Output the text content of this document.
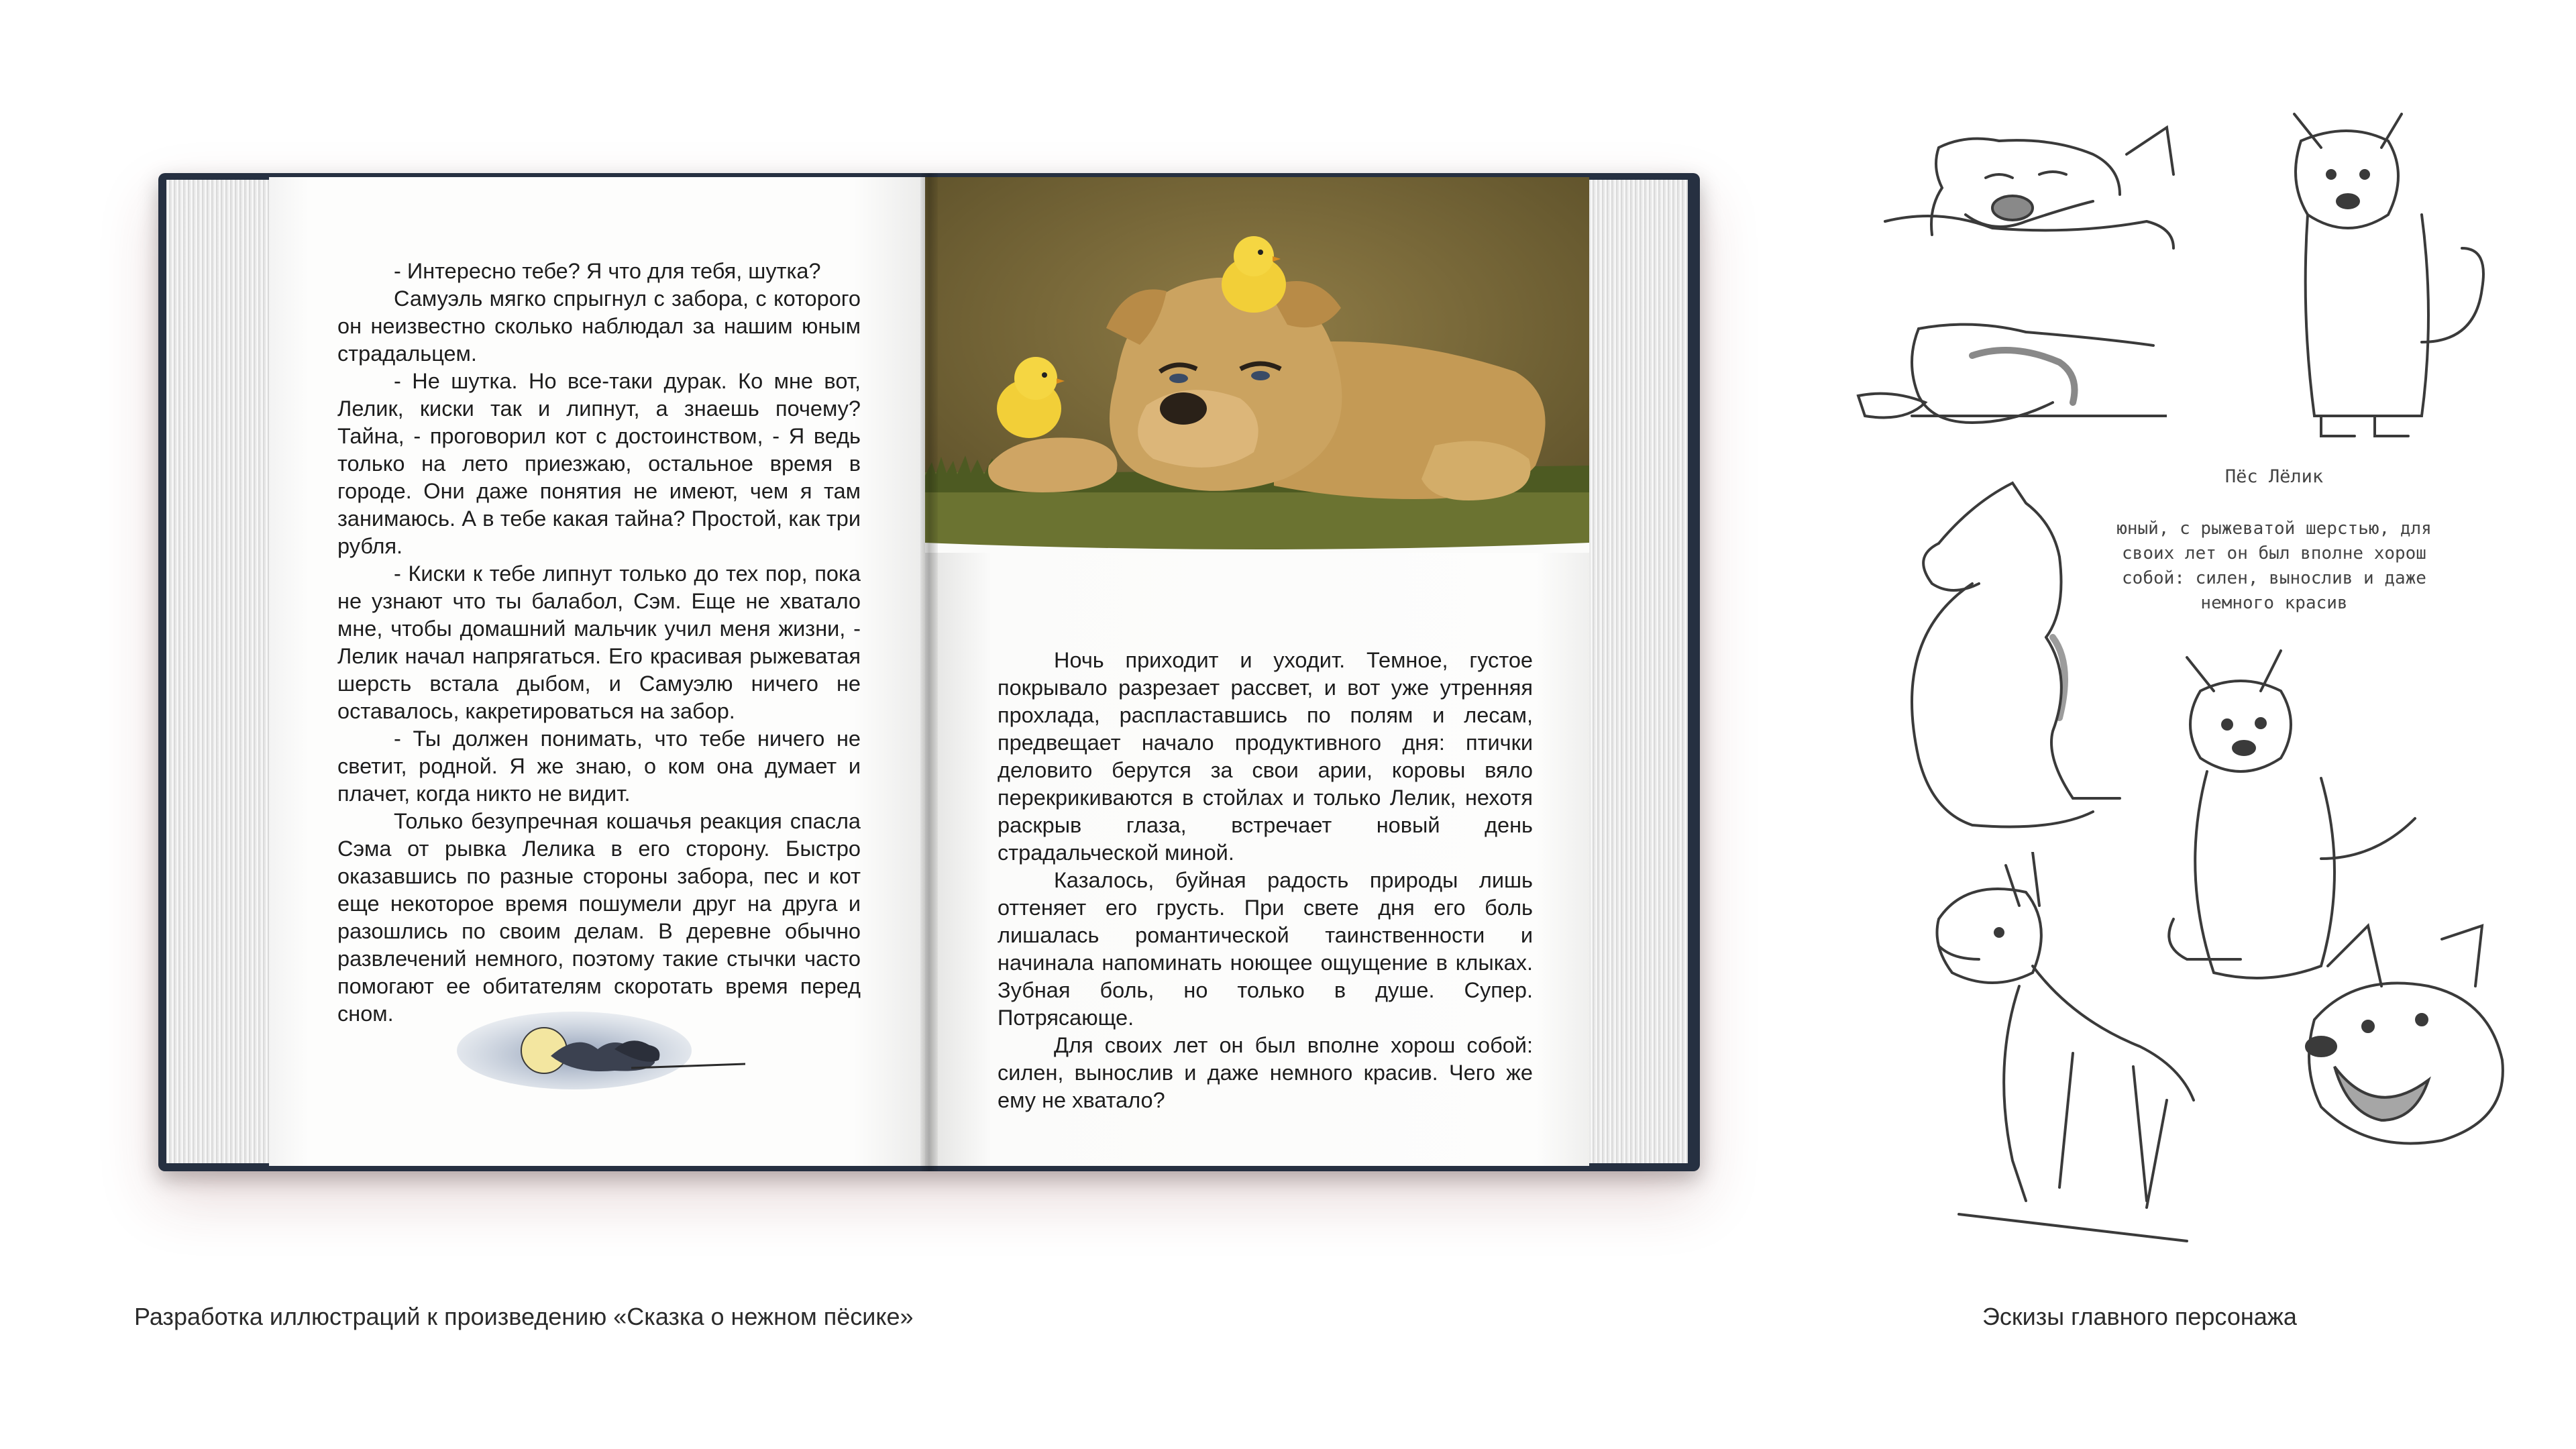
- Интересно тебе? Я что для тебя, шутка?

Самуэль мягко спрыгнул с забора, с которого он неизвестно сколько наблюдал за нашим юным страдальцем.

- Не шутка. Но все-таки дурак. Ко мне вот, Лелик, киски так и липнут, а знаешь почему? Тайна, - проговорил кот с достоинством, - Я ведь только на лето приезжаю, остальное время в городе. Они даже понятия не имеют, чем я там занимаюсь. А в тебе какая тайна? Простой, как три рубля.

- Киски к тебе липнут только до тех пор, пока не узнают что ты балабол, Сэм. Еще не хватало мне, чтобы домашний мальчик учил меня жизни, - Лелик начал напрягаться. Его красивая рыжеватая шерсть встала дыбом, и Самуэлю ничего не оставалось, какретироваться на забор.

- Ты должен понимать, что тебе ничего не светит, родной. Я же знаю, о ком она думает и плачет, когда никто не видит.

Только безупречная кошачья реакция спасла Сэма от рывка Лелика в его сторону. Быстро оказавшись по разные стороны забора, пес и кот еще некоторое время пошумели друг на друга и разошлись по своим делам. В деревне обычно развлечений немного, поэтому такие стычки часто помогают ее обитателям скоротать время перед сном.

Ночь приходит и уходит. Темное, густое покрывало разрезает рассвет, и вот уже утренняя прохлада, распластавшись по полям и лесам, предвещает начало продуктивного дня: птички деловито берутся за свои арии, коровы вяло перекрикиваются в стойлах и только Лелик, нехотя раскрыв глаза, встречает новый день страдальческой миной.

Казалось, буйная радость природы лишь оттеняет его грусть. При свете дня его боль лишалась романтической таинственности и начинала напоминать ноющее ощущение в клыках. Зубная боль, но только в душе. Супер. Потрясающе.

Для своих лет он был вполне хорош собой: силен, вынослив и даже немного красив. Чего же ему не хватало?

Пёс Лёлик
юный, с рыжеватой шерстью, для своих лет он был вполне хорош собой: силен, вынослив и даже немного красив
Разработка иллюстраций к произведению «Сказка о нежном пёсике»	Эскизы главного персонажа
